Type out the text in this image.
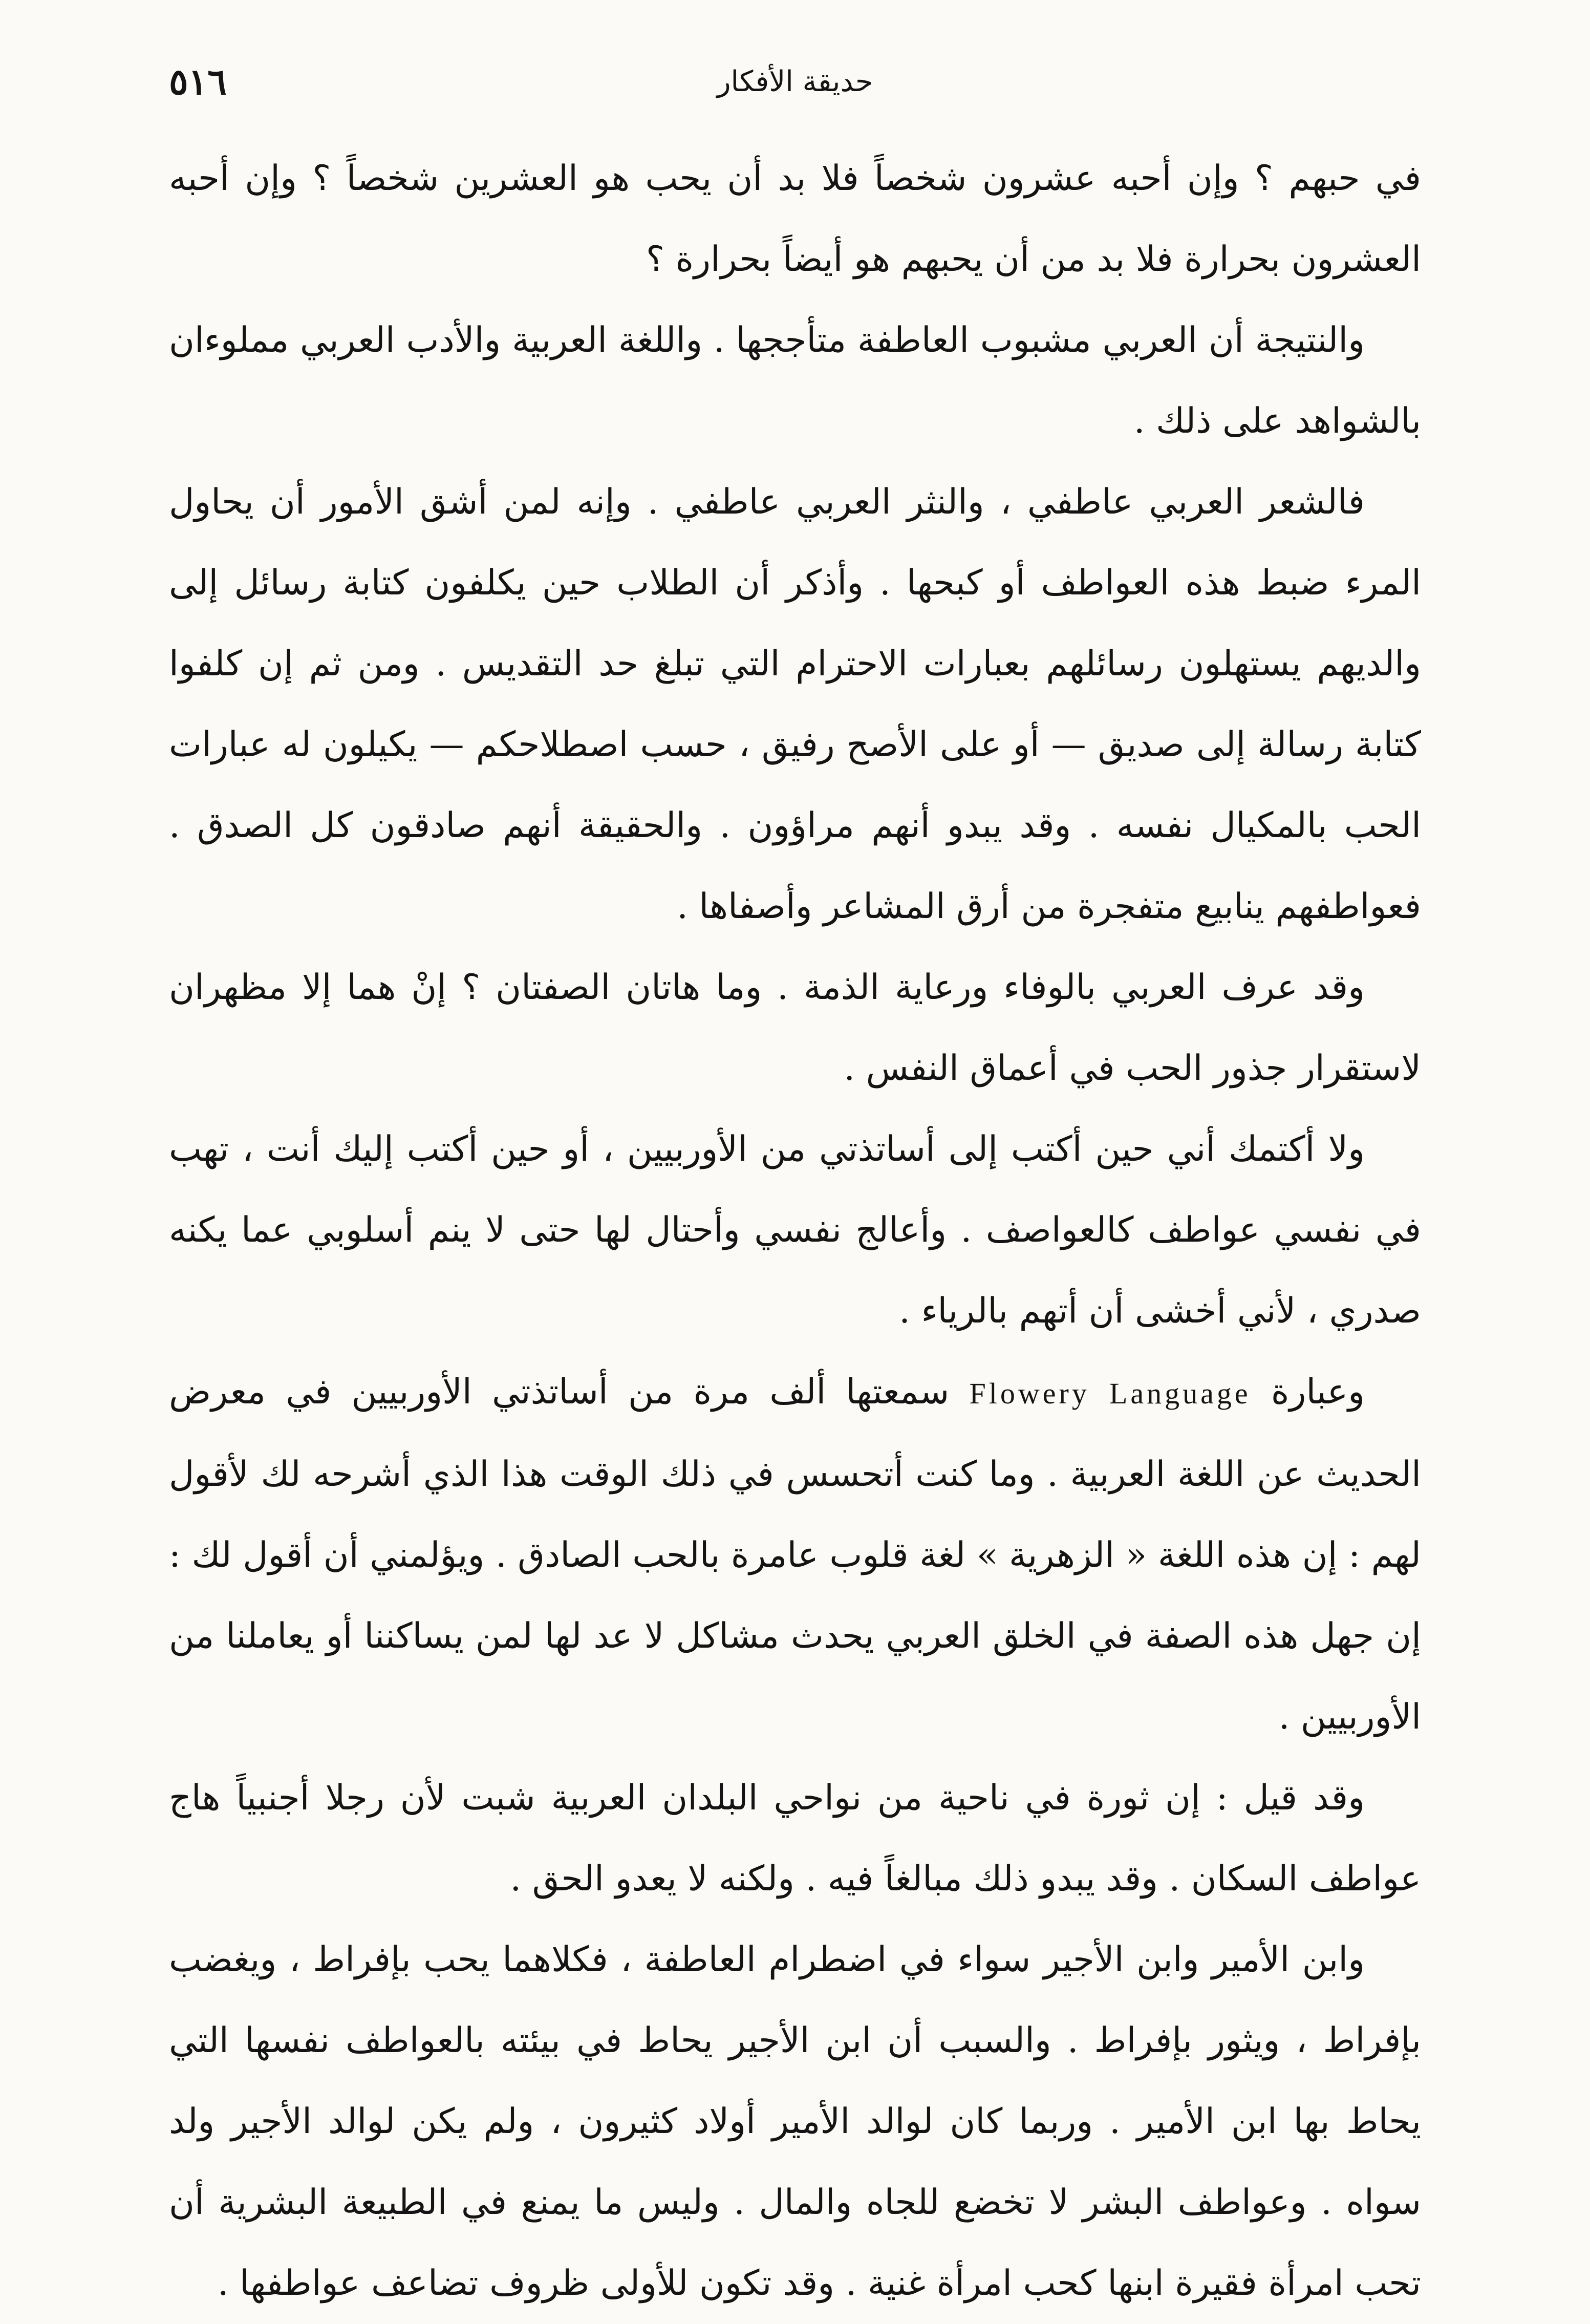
٥١٦	حديقة الأفكار

في حبهم ؟ وإن أحبه عشرون شخصاً فلا بد أن يحب هو العشرين شخصاً ؟ وإن أحبه العشرون بحرارة فلا بد من أن يحبهم هو أيضاً بحرارة ؟

والنتيجة أن العربي مشبوب العاطفة متأججها . واللغة العربية والأدب العربي مملوءان بالشواهد على ذلك .

فالشعر العربي عاطفي ، والنثر العربي عاطفي . وإنه لمن أشق الأمور أن يحاول المرء ضبط هذه العواطف أو كبحها . وأذكر أن الطلاب حين يكلفون كتابة رسائل إلى والديهم يستهلون رسائلهم بعبارات الاحترام التي تبلغ حد التقديس . ومن ثم إن كلفوا كتابة رسالة إلى صديق — أو على الأصح رفيق ، حسب اصطلاحكم — يكيلون له عبارات الحب بالمكيال نفسه . وقد يبدو أنهم مراؤون . والحقيقة أنهم صادقون كل الصدق . فعواطفهم ينابيع متفجرة من أرق المشاعر وأصفاها .

وقد عرف العربي بالوفاء ورعاية الذمة . وما هاتان الصفتان ؟ إنْ هما إلا مظهران لاستقرار جذور الحب في أعماق النفس .

ولا أكتمك أني حين أكتب إلى أساتذتي من الأوربيين ، أو حين أكتب إليك أنت ، تهب في نفسي عواطف كالعواصف . وأعالج نفسي وأحتال لها حتى لا ينم أسلوبي عما يكنه صدري ، لأني أخشى أن أتهم بالرياء .

وعبارة Flowery Language سمعتها ألف مرة من أساتذتي الأوربيين في معرض الحديث عن اللغة العربية . وما كنت أتحسس في ذلك الوقت هذا الذي أشرحه لك لأقول لهم : إن هذه اللغة « الزهرية » لغة قلوب عامرة بالحب الصادق . ويؤلمني أن أقول لك : إن جهل هذه الصفة في الخلق العربي يحدث مشاكل لا عد لها لمن يساكننا أو يعاملنا من الأوربيين .

وقد قيل : إن ثورة في ناحية من نواحي البلدان العربية شبت لأن رجلا أجنبياً هاج عواطف السكان . وقد يبدو ذلك مبالغاً فيه . ولكنه لا يعدو الحق .

وابن الأمير وابن الأجير سواء في اضطرام العاطفة ، فكلاهما يحب بإفراط ، ويغضب بإفراط ، ويثور بإفراط . والسبب أن ابن الأجير يحاط في بيئته بالعواطف نفسها التي يحاط بها ابن الأمير . وربما كان لوالد الأمير أولاد كثيرون ، ولم يكن لوالد الأجير ولد سواه . وعواطف البشر لا تخضع للجاه والمال . وليس ما يمنع في الطبيعة البشرية أن تحب امرأة فقيرة ابنها كحب امرأة غنية . وقد تكون للأولى ظروف تضاعف عواطفها .
